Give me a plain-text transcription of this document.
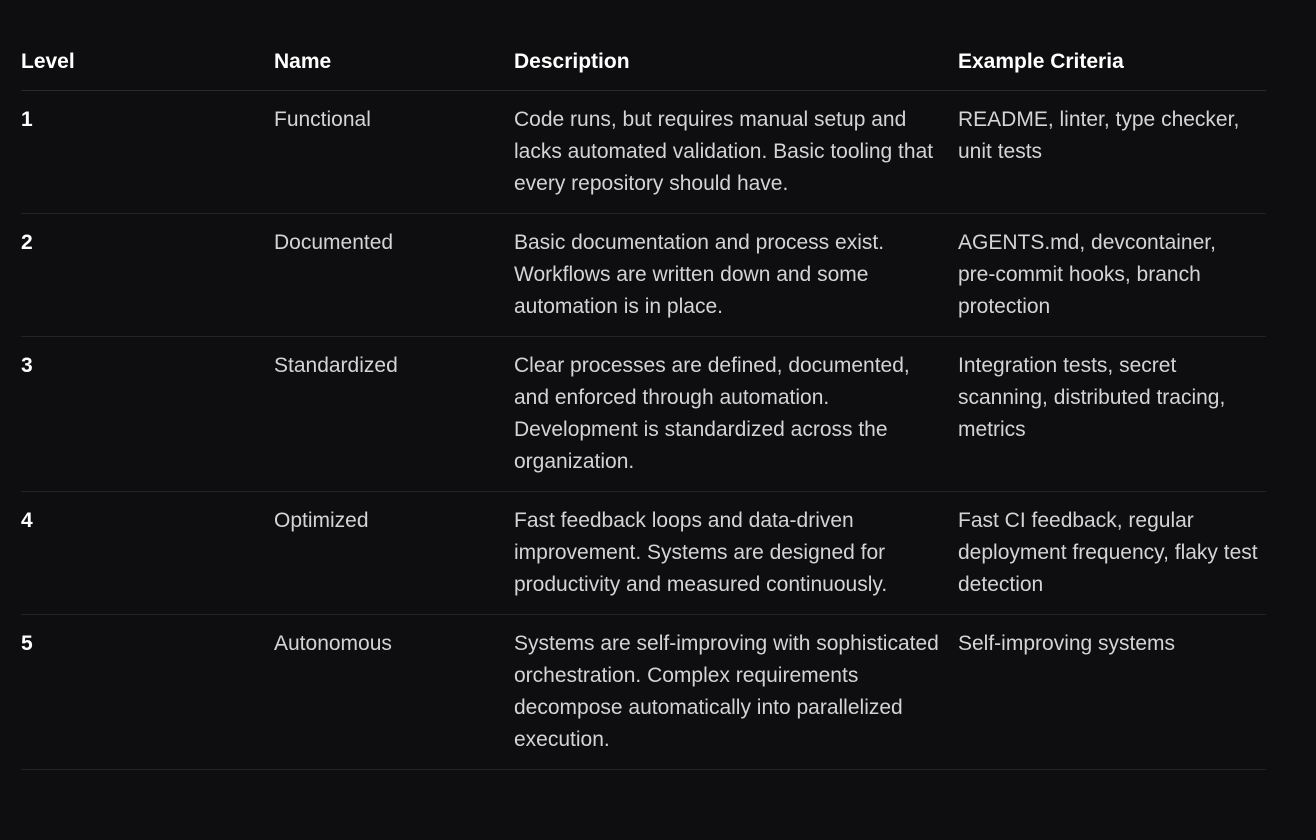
Level	Name	Description	Example Criteria
1	Functional	Code runs, but requires manual setup and lacks automated validation. Basic tooling that every repository should have.	README, linter, type checker, unit tests
2	Documented	Basic documentation and process exist. Workflows are written down and some automation is in place.	AGENTS.md, devcontainer, pre-commit hooks, branch protection
3	Standardized	Clear processes are defined, documented, and enforced through automation. Development is standardized across the organization.	Integration tests, secret scanning, distributed tracing, metrics
4	Optimized	Fast feedback loops and data-driven improvement. Systems are designed for productivity and measured continuously.	Fast CI feedback, regular deployment frequency, flaky test detection
5	Autonomous	Systems are self-improving with sophisticated orchestration. Complex requirements decompose automatically into parallelized execution.	Self-improving systems
